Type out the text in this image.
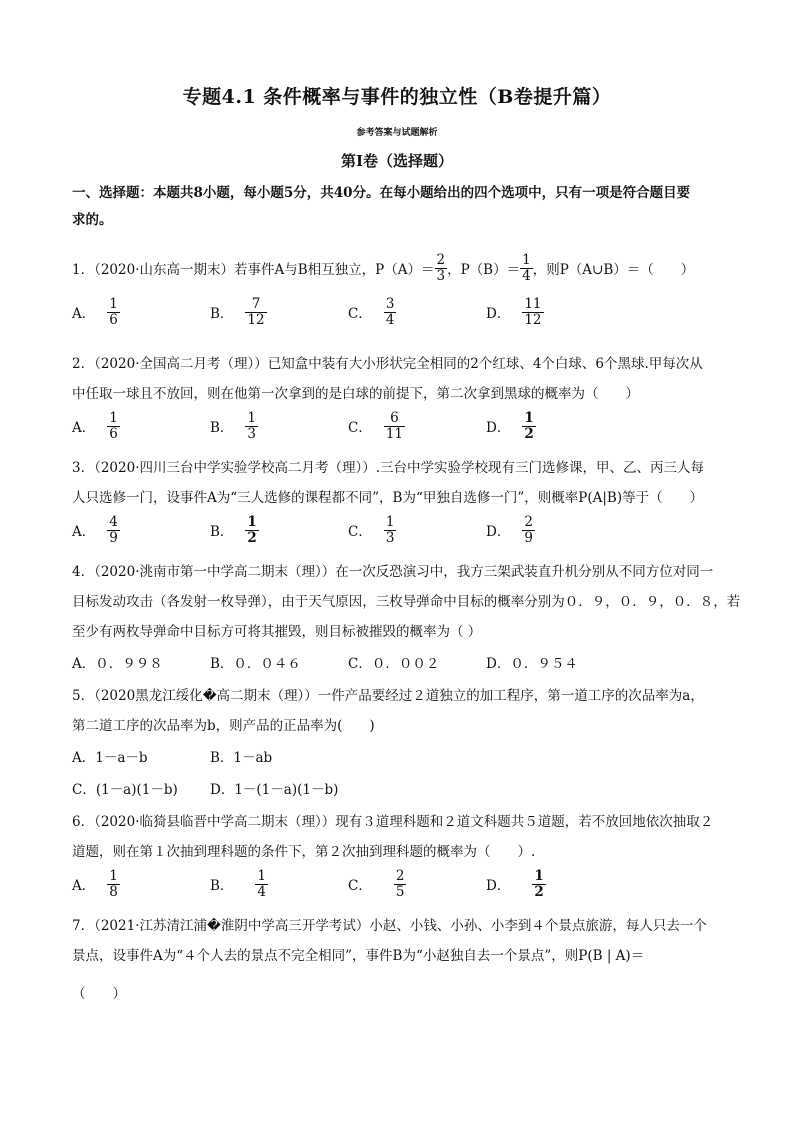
专题4.1 条件概率与事件的独立性（B卷提升篇）
参考答案与试题解析
第Ⅰ卷（选择题）
一、选择题：本题共8小题，每小题5分，共40分。在每小题给出的四个选项中，只有一项是符合题目要
求的。
1．（2020·山东高一期末）若事件A与B相互独立，$P(A)= \frac{2}{3}$ ，$P(B)= \frac{1}{4}$ ，则P（A∪B）＝（　　）
A． $\frac{1}{6}$	B． $\frac{7}{12}$	C． $\frac{3}{4}$	D． $\frac{11}{12}$
2．（2020·全国高二月考（理））已知盒中装有大小形状完全相同的2个红球、4个白球、6个黑球.甲每次从
中任取一球且不放回，则在他第一次拿到的是白球的前提下，第二次拿到黑球的概率为（　　）
A． $\frac{1}{6}$	B． $\frac{1}{3}$	C． $\frac{6}{11}$	D． $\frac{1}{2}$
3．（2020·四川三台中学实验学校高二月考（理））.三台中学实验学校现有三门选修课，甲、乙、丙三人每
人只选修一门，设事件A为“三人选修的课程都不同”，B为“甲独自选修一门”，则概率P(A|B)等于（　　）
A． $\frac{4}{9}$	B． $\frac{1}{2}$	C． $\frac{1}{3}$	D． $\frac{2}{9}$
4．（2020·洮南市第一中学高二期末（理））在一次反恐演习中，我方三架武装直升机分别从不同方位对同一
目标发动攻击（各发射一枚导弹），由于天气原因，三枚导弹命中目标的概率分别为０．９，０．９，０．８，若
至少有两枚导弹命中目标方可将其摧毁，则目标被摧毁的概率为（ ）
A．０．９９８	B．０．０４６	C．０．００２	D．０．９５４
5．（2020黑龙江绥化�高二期末（理））一件产品要经过２道独立的加工程序，第一道工序的次品率为a，
第二道工序的次品率为b，则产品的正品率为(　　)
A．1－a－b	B．1－ab
C．(1－a)(1－b) D．1－(1－a)(1－b)
6．（2020·临猗县临晋中学高二期末（理））现有３道理科题和２道文科题共５道题，若不放回地依次抽取２
道题，则在第１次抽到理科题的条件下，第２次抽到理科题的概率为（　　）.
A． $\frac{1}{8}$	B． $\frac{1}{4}$	C． $\frac{2}{5}$	D． $\frac{1}{2}$
7．（2021·江苏清江浦�淮阴中学高三开学考试）小赵、小钱、小孙、小李到４个景点旅游，每人只去一个
景点，设事件A为“４个人去的景点不完全相同”，事件B为“小赵独自去一个景点”，则P(B | A)＝
（　　）
